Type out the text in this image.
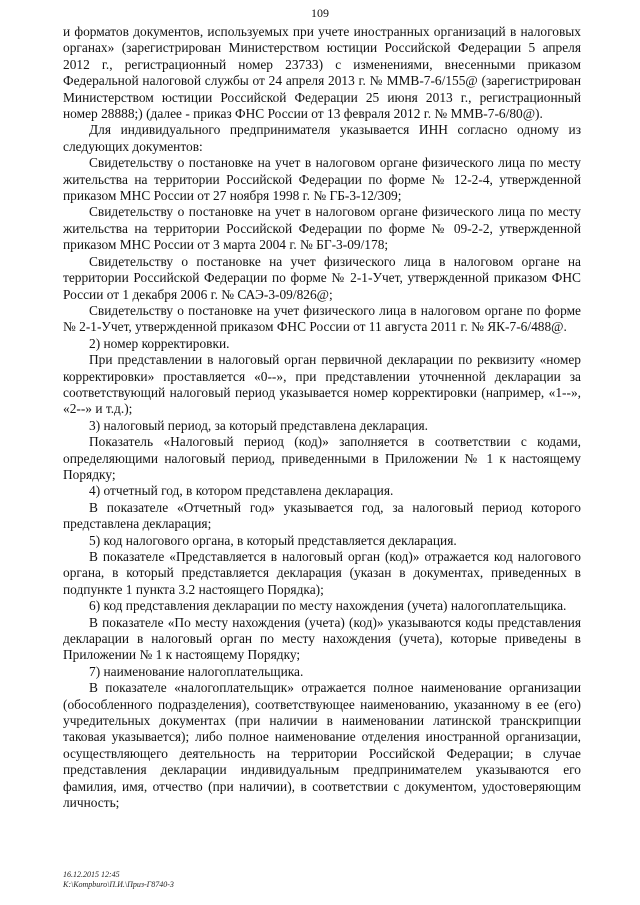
109

и форматов документов, используемых при учете иностранных организаций в налоговых органах» (зарегистрирован Министерством юстиции Российской Федерации 5 апреля 2012 г., регистрационный номер 23733) с изменениями, внесенными приказом Федеральной налоговой службы от 24 апреля 2013 г. № ММВ-7-6/155@ (зарегистрирован Министерством юстиции Российской Федерации 25 июня 2013 г., регистрационный номер 28888;) (далее - приказ ФНС России от 13 февраля 2012 г. № ММВ-7-6/80@).

Для индивидуального предпринимателя указывается ИНН согласно одному из следующих документов:

Свидетельству о постановке на учет в налоговом органе физического лица по месту жительства на территории Российской Федерации по форме № 12-2-4, утвержденной приказом МНС России от 27 ноября 1998 г. № ГБ-3-12/309;

Свидетельству о постановке на учет в налоговом органе физического лица по месту жительства на территории Российской Федерации по форме № 09-2-2, утвержденной приказом МНС России от 3 марта 2004 г. № БГ-3-09/178;

Свидетельству о постановке на учет физического лица в налоговом органе на территории Российской Федерации по форме № 2-1-Учет, утвержденной приказом ФНС России от 1 декабря 2006 г. № САЭ-3-09/826@;

Свидетельству о постановке на учет физического лица в налоговом органе по форме № 2-1-Учет, утвержденной приказом ФНС России от 11 августа 2011 г. № ЯК-7-6/488@.

2) номер корректировки.

При представлении в налоговый орган первичной декларации по реквизиту «номер корректировки» проставляется «0--», при представлении уточненной декларации за соответствующий налоговый период указывается номер корректировки (например, «1--», «2--» и т.д.);

3) налоговый период, за который представлена декларация.

Показатель «Налоговый период (код)» заполняется в соответствии с кодами, определяющими налоговый период, приведенными в Приложении № 1 к настоящему Порядку;

4) отчетный год, в котором представлена декларация.

В показателе «Отчетный год» указывается год, за налоговый период которого представлена декларация;

5) код налогового органа, в который представляется декларация.

В показателе «Представляется в налоговый орган (код)» отражается код налогового органа, в который представляется декларация (указан в документах, приведенных в подпункте 1 пункта 3.2 настоящего Порядка);

6) код представления декларации по месту нахождения (учета) налогоплательщика.

В показателе «По месту нахождения (учета) (код)» указываются коды представления декларации в налоговый орган по месту нахождения (учета), которые приведены в Приложении № 1 к настоящему Порядку;

7) наименование налогоплательщика.

В показателе «налогоплательщик» отражается полное наименование организации (обособленного подразделения), соответствующее наименованию, указанному в ее (его) учредительных документах (при наличии в наименовании латинской транскрипции таковая указывается); либо полное наименование отделения иностранной организации, осуществляющего деятельность на территории Российской Федерации; в случае представления декларации индивидуальным предпринимателем указываются его фамилия, имя, отчество (при наличии), в соответствии с документом, удостоверяющим личность;

16.12.2015 12:45
К:\Кompburo\П.И.\Приз-Г8740-3
